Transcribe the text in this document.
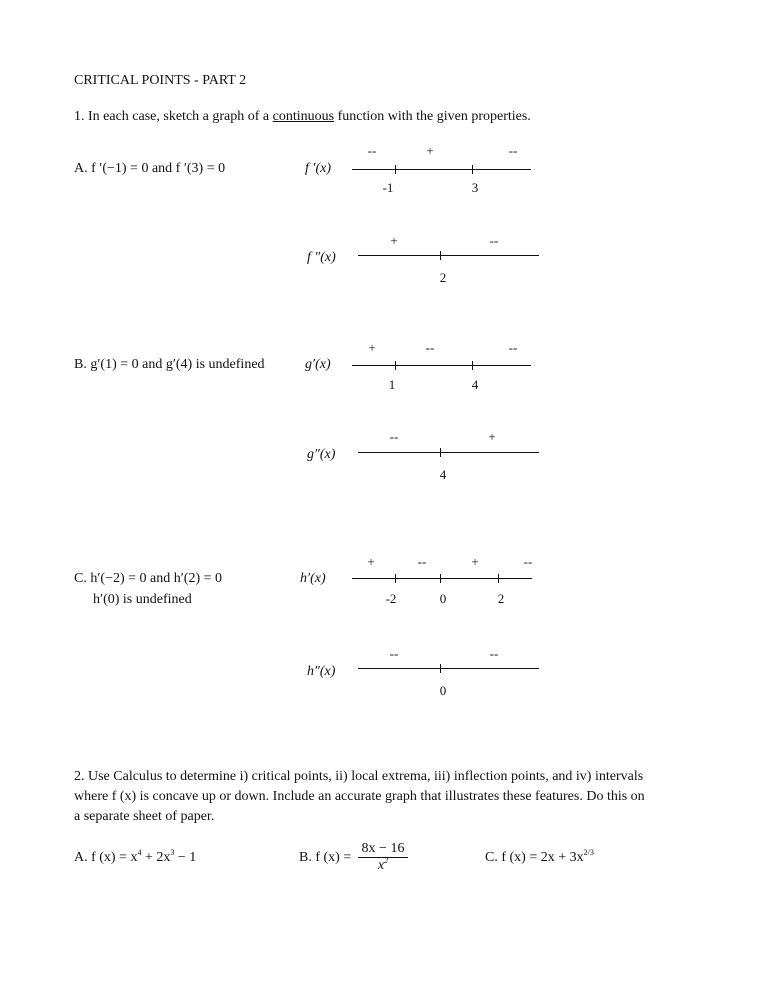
CRITICAL POINTS - PART 2
1. In each case, sketch a graph of a continuous function with the given properties.
A. f ′(−1) = 0 and f ′(3) = 0	f ′(x)
--	+	--
-1	3
f ″(x)
+	--
2
B. g′(1) = 0 and g′(4) is undefined	g′(x)
+	--	--
1	4
g″(x)
--	+
4
C. h′(−2) = 0 and h′(2) = 0
h′(0) is undefined
h′(x)
+	--	+	--
-2	0	2
h″(x)
--	--
0
2. Use Calculus to determine i) critical points, ii) local extrema, iii) inflection points, and iv) intervals
where f (x) is concave up or down. Include an accurate graph that illustrates these features. Do this on
a separate sheet of paper.
A. f $(x) = x^4 + 2x^3 - 1$	B. f (x) =
8x − 16
$x^2$	C. f $(x) = 2x + 3x^{2/3}$
